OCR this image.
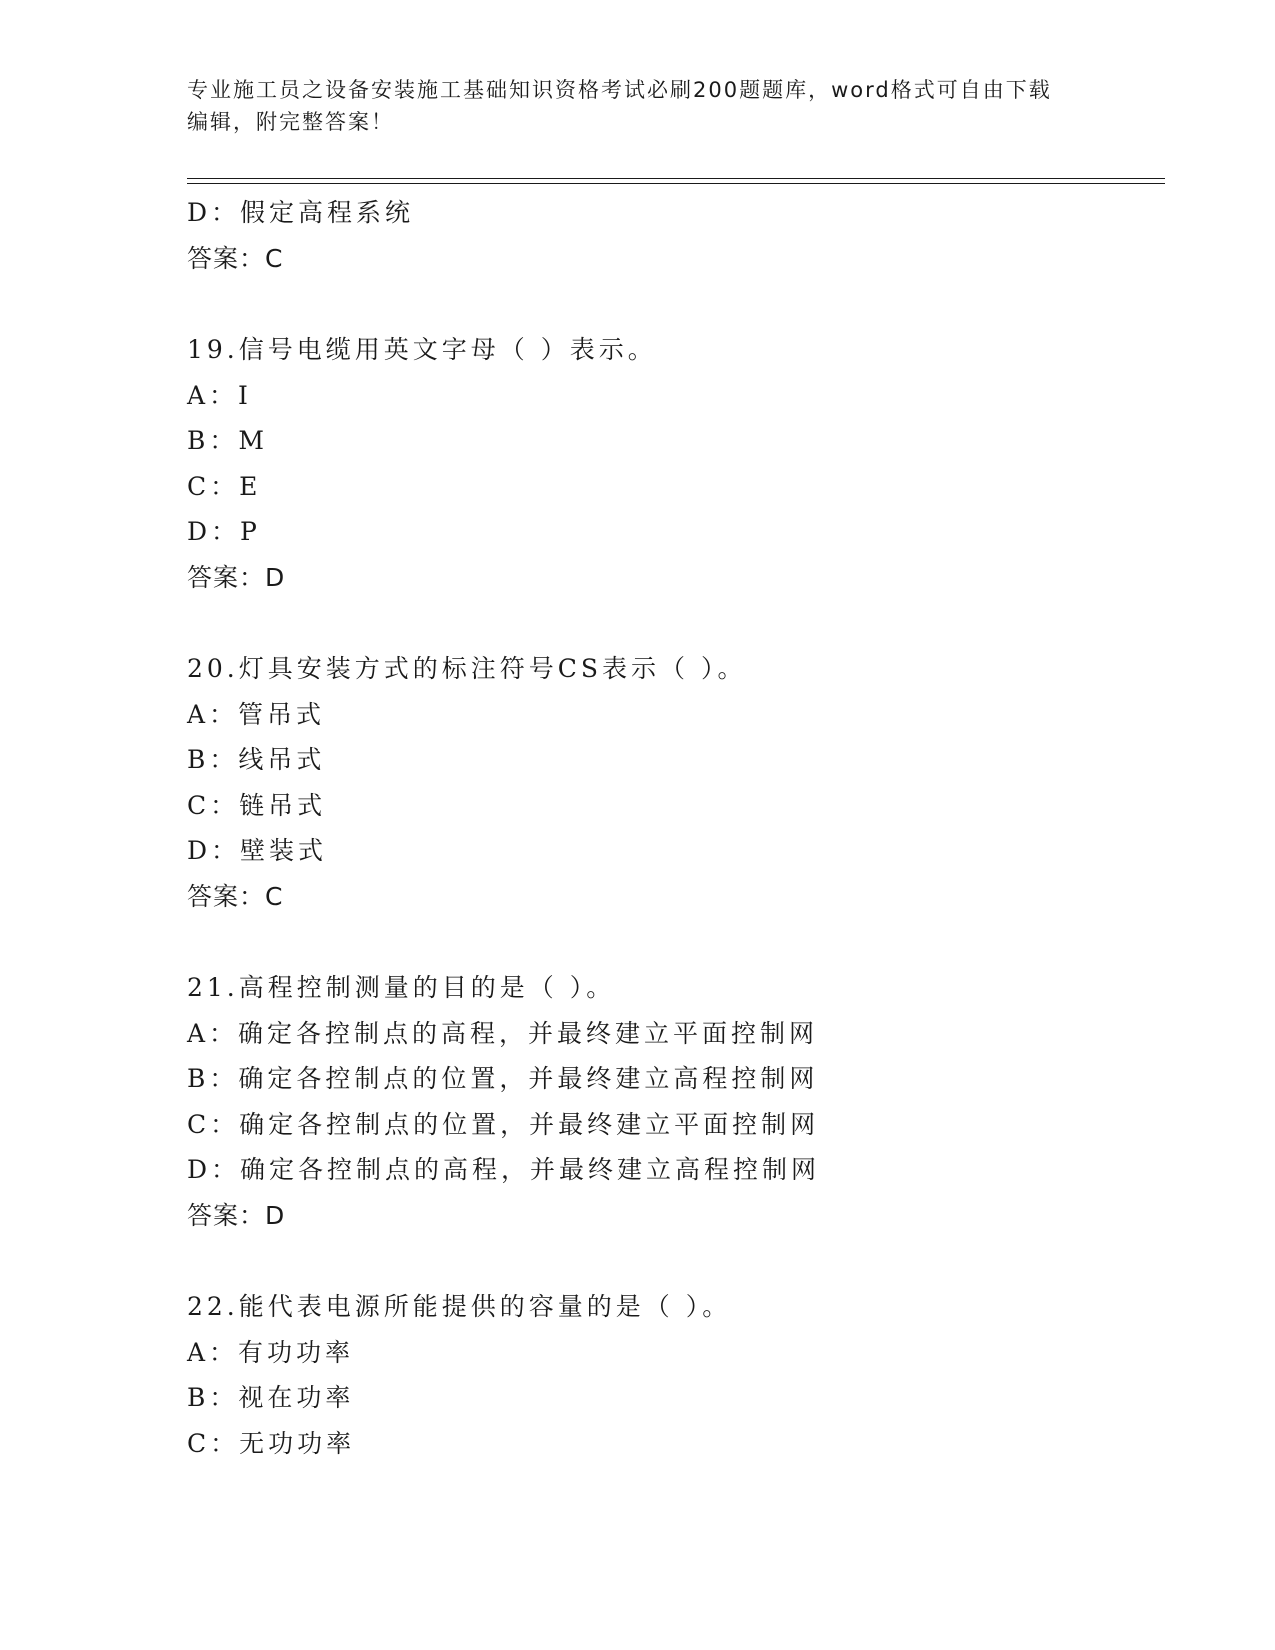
专业施工员之设备安装施工基础知识资格考试必刷200题题库，word格式可自由下载编辑，附完整答案！
D：假定高程系统
答案：C
19.信号电缆用英文字母（ ）表示。
A：I
B：M
C：E
D：P
答案：D
20.灯具安装方式的标注符号CS表示（ ）。
A：管吊式
B：线吊式
C：链吊式
D：壁装式
答案：C
21.高程控制测量的目的是（ ）。
A：确定各控制点的高程，并最终建立平面控制网
B：确定各控制点的位置，并最终建立高程控制网
C：确定各控制点的位置，并最终建立平面控制网
D：确定各控制点的高程，并最终建立高程控制网
答案：D
22.能代表电源所能提供的容量的是（ ）。
A：有功功率
B：视在功率
C：无功功率
